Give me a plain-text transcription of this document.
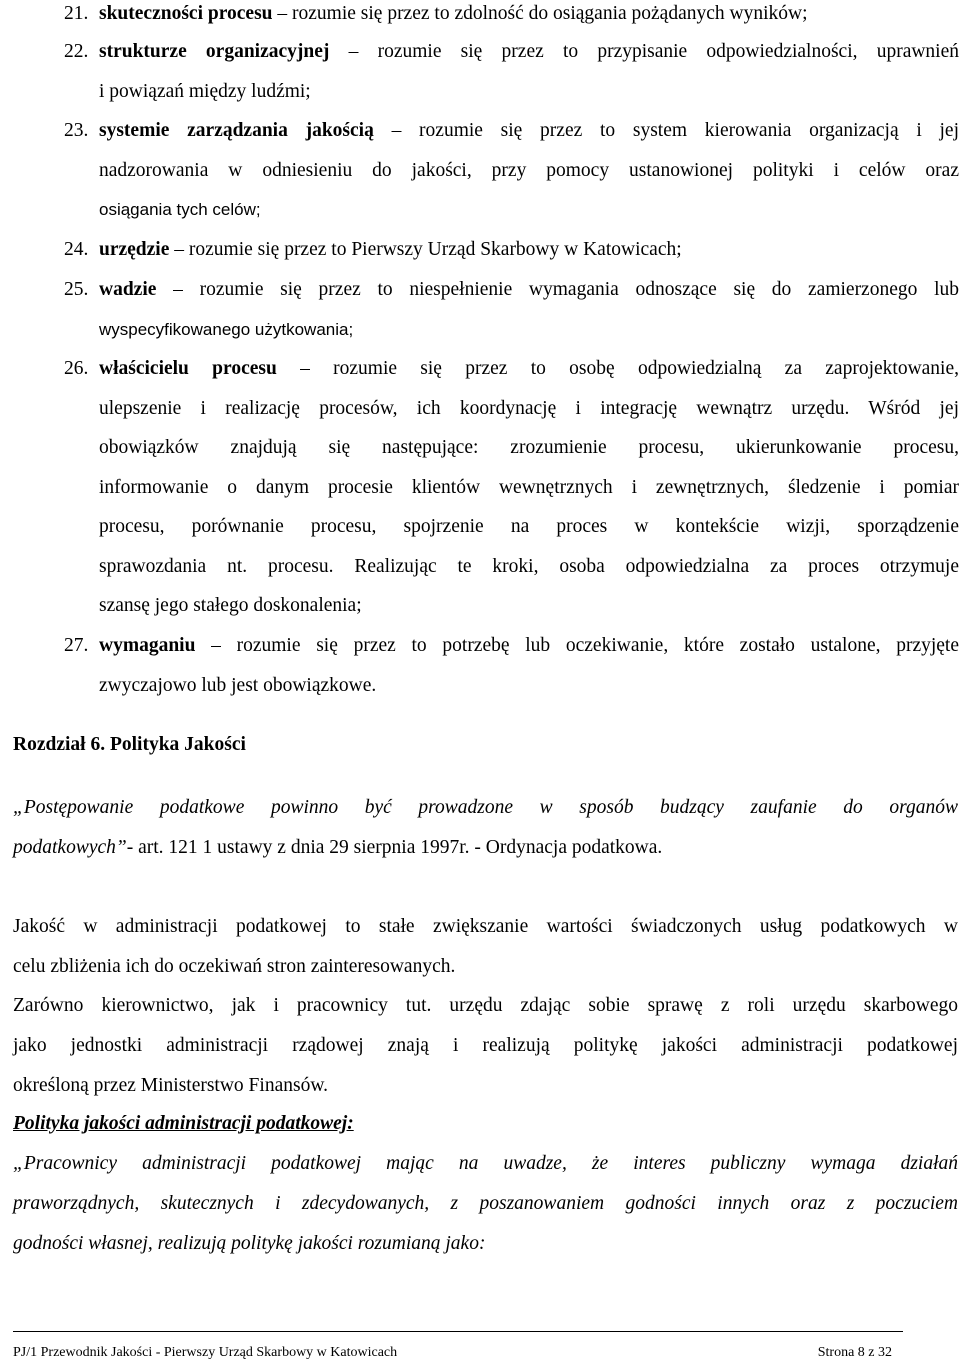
21. skuteczności procesu – rozumie się przez to zdolność do osiągania pożądanych wyników;
22. strukturze organizacyjnej – rozumie się przez to przypisanie odpowiedzialności, uprawnień
i powiązań między ludźmi;
23. systemie zarządzania jakością – rozumie się przez to system kierowania organizacją i jej
nadzorowania w odniesieniu do jakości, przy pomocy ustanowionej polityki i celów oraz
osiągania tych celów;
24. urzędzie – rozumie się przez to Pierwszy Urząd Skarbowy w Katowicach;
25. wadzie – rozumie się przez to niespełnienie wymagania odnoszące się do zamierzonego lub
wyspecyfikowanego użytkowania;
26. właścicielu procesu – rozumie się przez to osobę odpowiedzialną za zaprojektowanie,
ulepszenie i realizację procesów, ich koordynację i integrację wewnątrz urzędu. Wśród jej
obowiązków znajdują się następujące: zrozumienie procesu, ukierunkowanie procesu,
informowanie o danym procesie klientów wewnętrznych i zewnętrznych, śledzenie i pomiar
procesu, porównanie procesu, spojrzenie na proces w kontekście wizji, sporządzenie
sprawozdania nt. procesu. Realizując te kroki, osoba odpowiedzialna za proces otrzymuje
szansę jego stałego doskonalenia;
27. wymaganiu – rozumie się przez to potrzebę lub oczekiwanie, które zostało ustalone, przyjęte
zwyczajowo lub jest obowiązkowe.
Rozdział 6. Polityka Jakości
„Postępowanie podatkowe powinno być prowadzone w sposób budzący zaufanie do organów
podatkowych”- art. 121 1 ustawy z dnia 29 sierpnia 1997r. - Ordynacja podatkowa.
Jakość w administracji podatkowej to stałe zwiększanie wartości świadczonych usług podatkowych w
celu zbliżenia ich do oczekiwań stron zainteresowanych.
Zarówno kierownictwo, jak i pracownicy tut. urzędu zdając sobie sprawę z roli urzędu skarbowego
jako jednostki administracji rządowej znają i realizują politykę jakości administracji podatkowej
określoną przez Ministerstwo Finansów.
Polityka jakości administracji podatkowej:
„Pracownicy administracji podatkowej mając na uwadze, że interes publiczny wymaga działań
praworządnych, skutecznych i zdecydowanych, z poszanowaniem godności innych oraz z poczuciem
godności własnej, realizują politykę jakości rozumianą jako:
PJ/1 Przewodnik Jakości - Pierwszy Urząd Skarbowy w Katowicach	Strona 8 z 32
